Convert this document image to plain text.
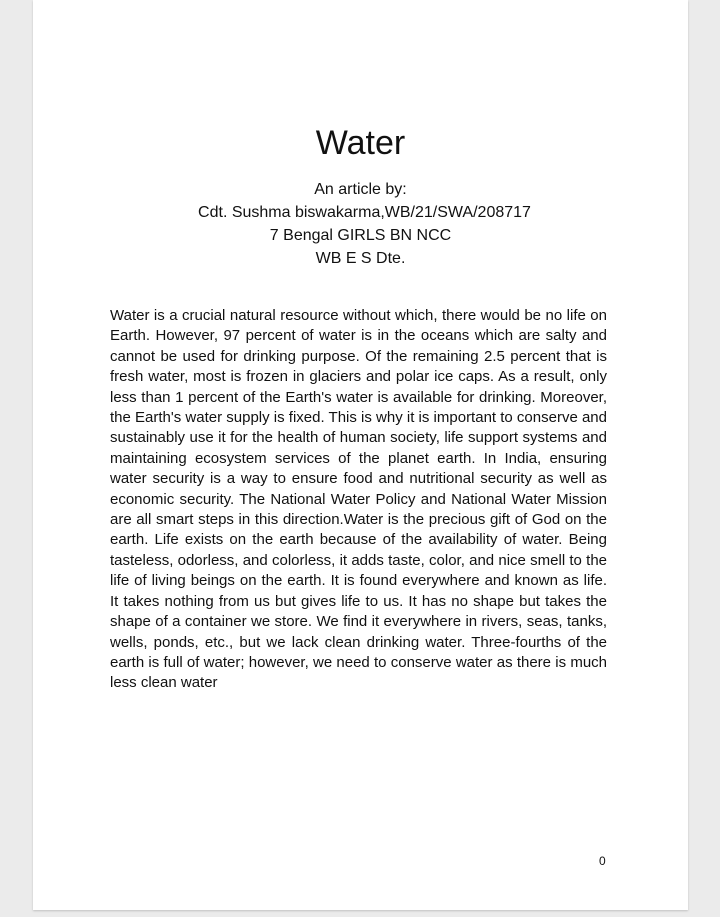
Water
An article by:
Cdt. Sushma biswakarma,WB/21/SWA/208717
7 Bengal GIRLS BN NCC
WB E S Dte.

Water is a crucial natural resource without which, there would be no life on Earth. However, 97 percent of water is in the oceans which are salty and cannot be used for drinking purpose. Of the remaining 2.5 percent that is fresh water, most is frozen in glaciers and polar ice caps. As a result, only less than 1 percent of the Earth's water is available for drinking. Moreover, the Earth's water supply is fixed. This is why it is important to conserve and sustainably use it for the health of human society, life support systems and maintaining ecosystem services of the planet earth. In India, ensuring water security is a way to ensure food and nutritional security as well as economic security. The National Water Policy and National Water Mission are all smart steps in this direction.Water is the precious gift of God on the earth. Life exists on the earth because of the availability of water. Being tasteless, odorless, and colorless, it adds taste, color, and nice smell to the life of living beings on the earth. It is found everywhere and known as life. It takes nothing from us but gives life to us. It has no shape but takes the shape of a container we store. We find it everywhere in rivers, seas, tanks, wells, ponds, etc., but we lack clean drinking water. Three-fourths of the earth is full of water; however, we need to conserve water as there is much less clean water

0
